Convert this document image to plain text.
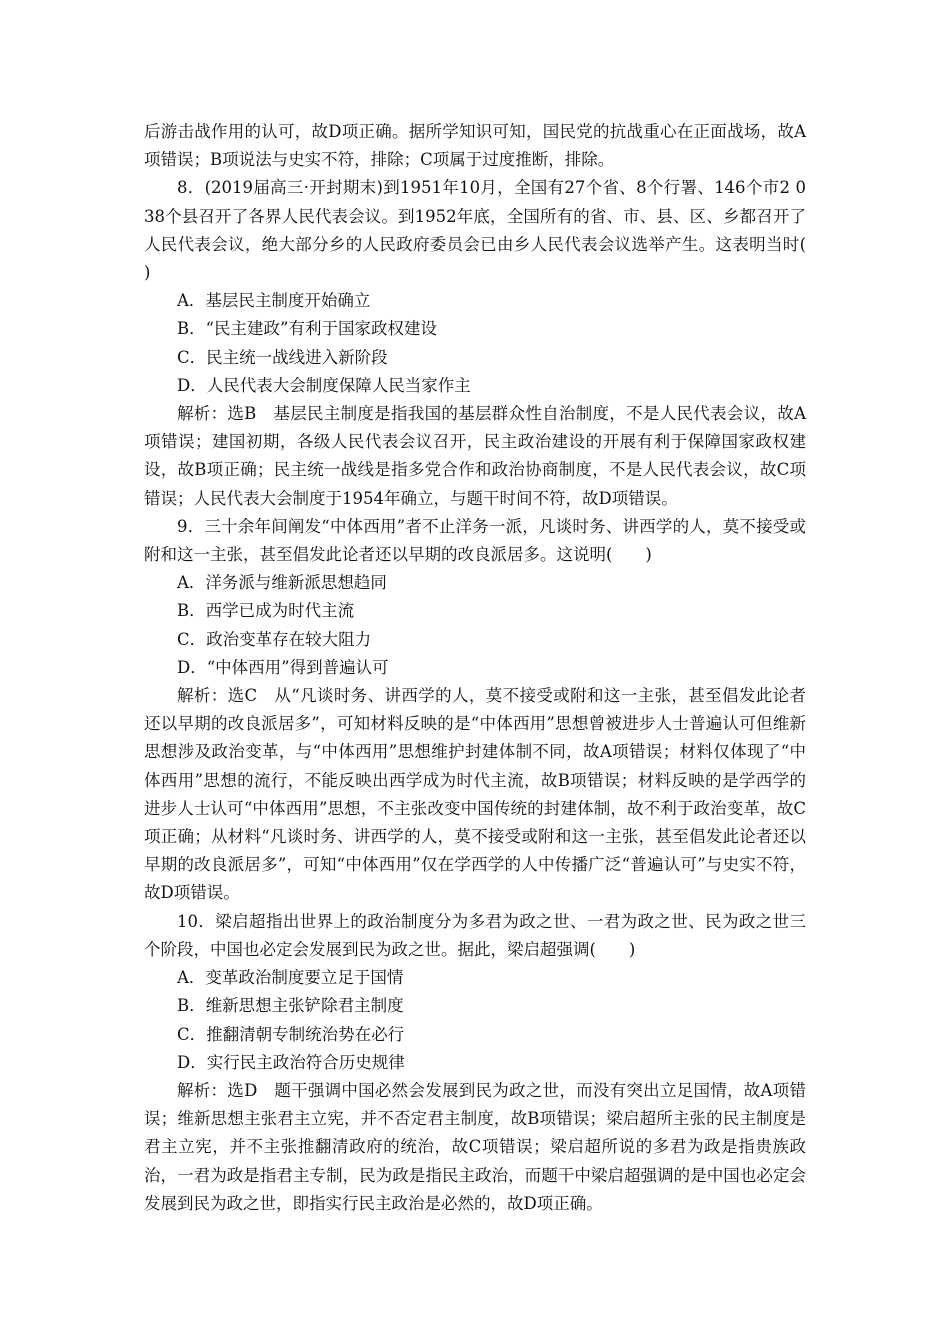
后游击战作用的认可，故D项正确。据所学知识可知，国民党的抗战重心在正面战场，故A项错误；B项说法与史实不符，排除；C项属于过度推断，排除。

8．(2019届高三·开封期末)到1951年10月，全国有27个省、8个行署、146个市2 038个县召开了各界人民代表会议。到1952年底，全国所有的省、市、县、区、乡都召开了人民代表会议，绝大部分乡的人民政府委员会已由乡人民代表会议选举产生。这表明当时(　　)

A．基层民主制度开始确立
B．“民主建政”有利于国家政权建设
C．民主统一战线进入新阶段
D．人民代表大会制度保障人民当家作主

解析：选B　基层民主制度是指我国的基层群众性自治制度，不是人民代表会议，故A项错误；建国初期，各级人民代表会议召开，民主政治建设的开展有利于保障国家政权建设，故B项正确；民主统一战线是指多党合作和政治协商制度，不是人民代表会议，故C项错误；人民代表大会制度于1954年确立，与题干时间不符，故D项错误。

9．三十余年间阐发“中体西用”者不止洋务一派，凡谈时务、讲西学的人，莫不接受或附和这一主张，甚至倡发此论者还以早期的改良派居多。这说明(　　)

A．洋务派与维新派思想趋同
B．西学已成为时代主流
C．政治变革存在较大阻力
D．“中体西用”得到普遍认可

解析：选C　从“凡谈时务、讲西学的人，莫不接受或附和这一主张，甚至倡发此论者还以早期的改良派居多”，可知材料反映的是“中体西用”思想曾被进步人士普遍认可但维新思想涉及政治变革，与“中体西用”思想维护封建体制不同，故A项错误；材料仅体现了“中体西用”思想的流行，不能反映出西学成为时代主流，故B项错误；材料反映的是学西学的进步人士认可“中体西用”思想，不主张改变中国传统的封建体制，故不利于政治变革，故C项正确；从材料“凡谈时务、讲西学的人，莫不接受或附和这一主张，甚至倡发此论者还以早期的改良派居多”，可知“中体西用”仅在学西学的人中传播广泛“普遍认可”与史实不符，故D项错误。

10．梁启超指出世界上的政治制度分为多君为政之世、一君为政之世、民为政之世三个阶段，中国也必定会发展到民为政之世。据此，梁启超强调(　　)

A．变革政治制度要立足于国情
B．维新思想主张铲除君主制度
C．推翻清朝专制统治势在必行
D．实行民主政治符合历史规律

解析：选D　题干强调中国必然会发展到民为政之世，而没有突出立足国情，故A项错误；维新思想主张君主立宪，并不否定君主制度，故B项错误；梁启超所主张的民主制度是君主立宪，并不主张推翻清政府的统治，故C项错误；梁启超所说的多君为政是指贵族政治，一君为政是指君主专制，民为政是指民主政治，而题干中梁启超强调的是中国也必定会发展到民为政之世，即指实行民主政治是必然的，故D项正确。
